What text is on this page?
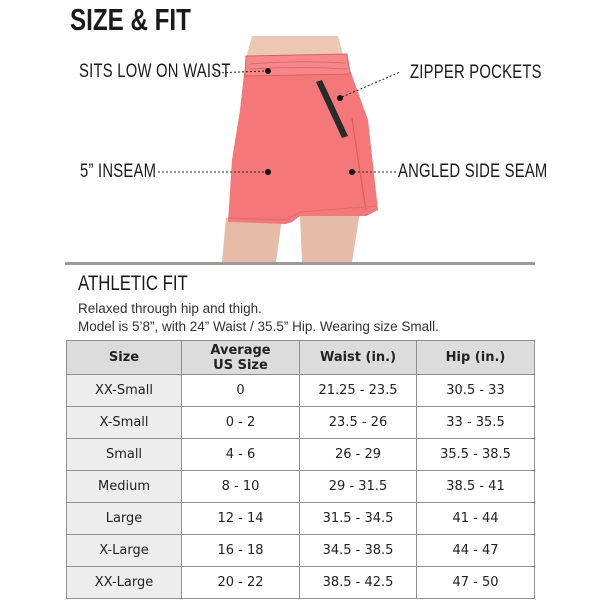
SIZE & FIT
SITS LOW ON WAIST	ZIPPER POCKETS
5” INSEAM	ANGLED SIDE SEAM
ATHLETIC FIT
Relaxed through hip and thigh.
Model is 5’8”, with 24” Waist / 35.5” Hip. Wearing size Small.
Size	Average US Size	Waist (in.)	Hip (in.)
XX-Small	0	21.25 - 23.5	30.5 - 33
X-Small	0 - 2	23.5 - 26	33 - 35.5
Small	4 - 6	26 - 29	35.5 - 38.5
Medium	8 - 10	29 - 31.5	38.5 - 41
Large	12 - 14	31.5 - 34.5	41 - 44
X-Large	16 - 18	34.5 - 38.5	44 - 47
XX-Large	20 - 22	38.5 - 42.5	47 - 50
